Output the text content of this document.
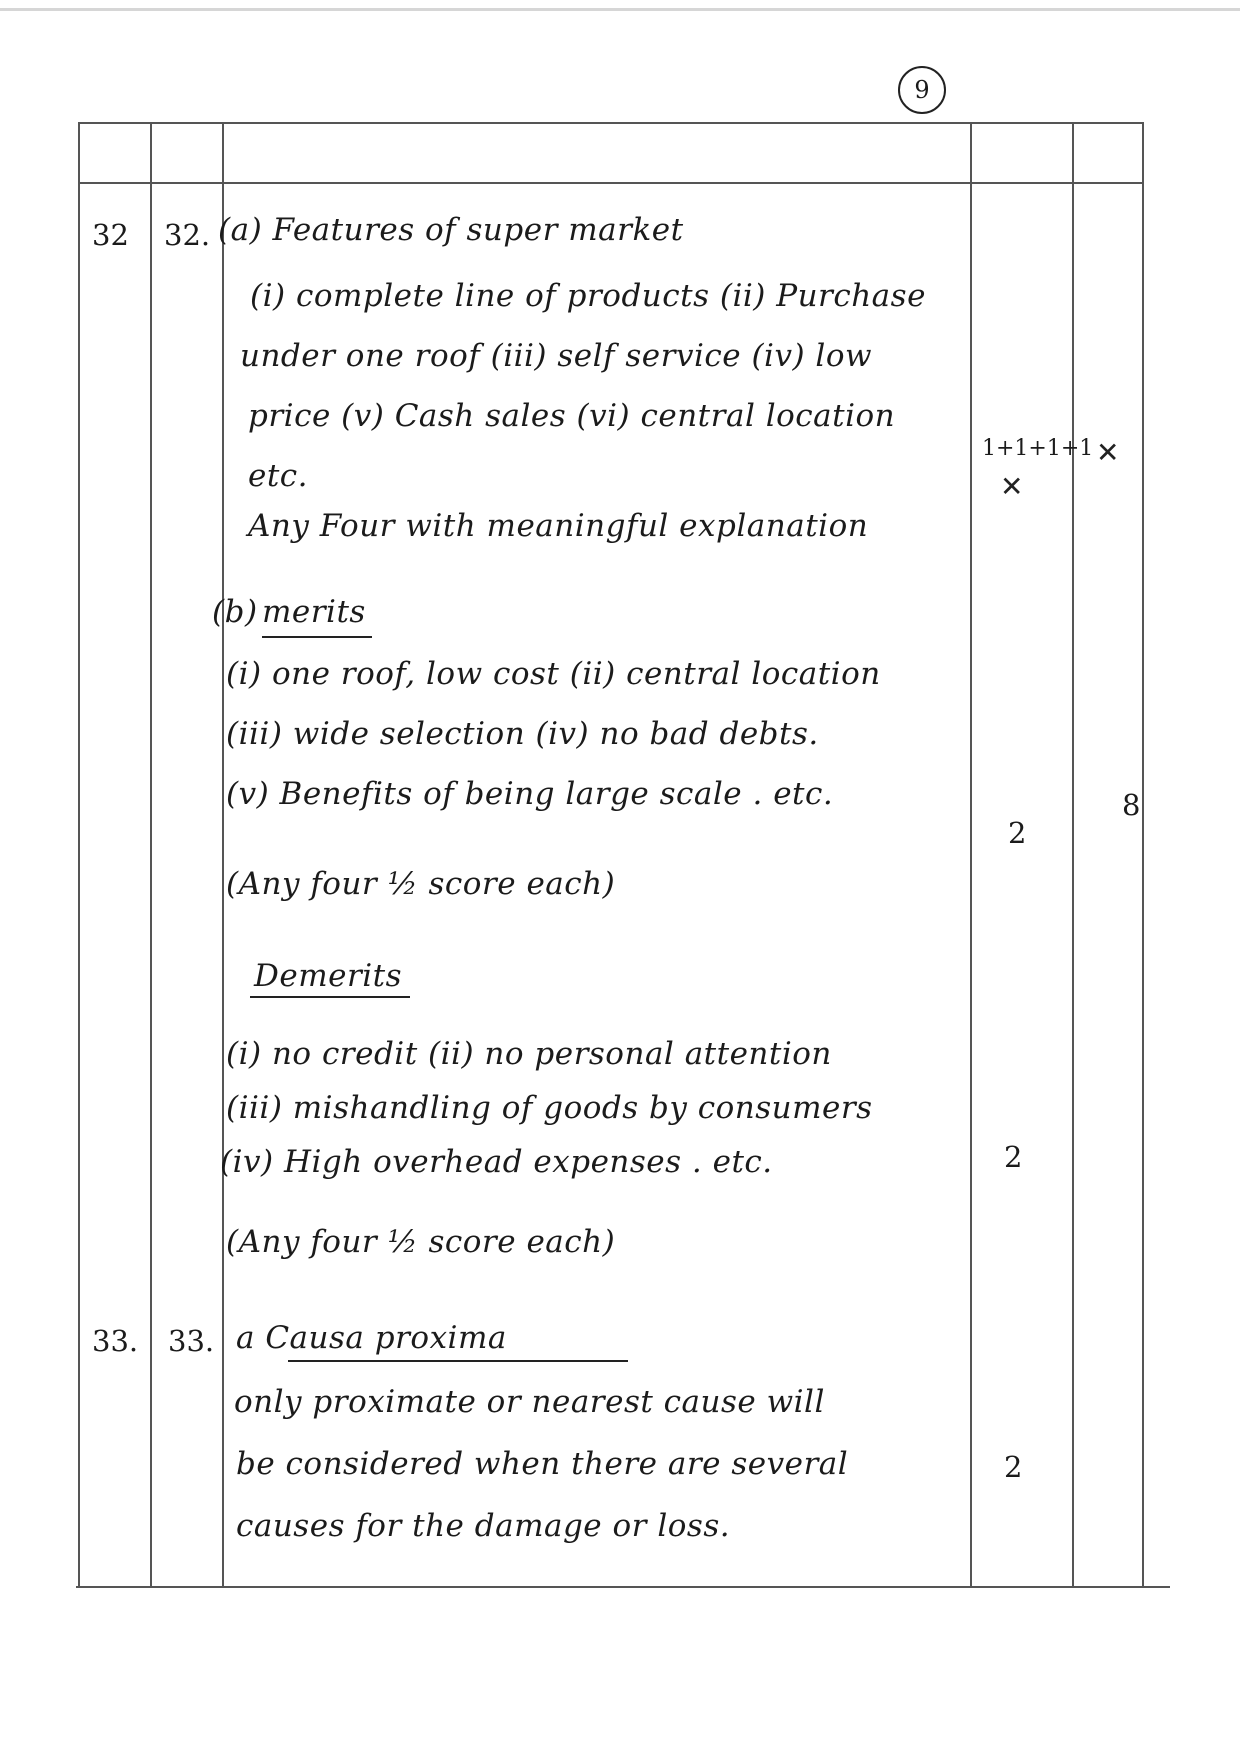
9
32 32. (a) Features of super market
(i) complete line of products (ii) Purchase
under one roof (iii) self service (iv) low
price (v) Cash sales (vi) central location
etc.
Any Four with meaningful explanation
1+1+1+1
✕
✕
(b) merits
(i) one roof, low cost (ii) central location
(iii) wide selection (iv) no bad debts.
(v) Benefits of being large scale . etc.
(Any four ½ score each)
2
8
Demerits
(i) no credit (ii) no personal attention
(iii) mishandling of goods by consumers
(iv) High overhead expenses . etc.
(Any four ½ score each)
2
33. 33. a Causa proxima
only proximate or nearest cause will
be considered when there are several
causes for the damage or loss.
2
